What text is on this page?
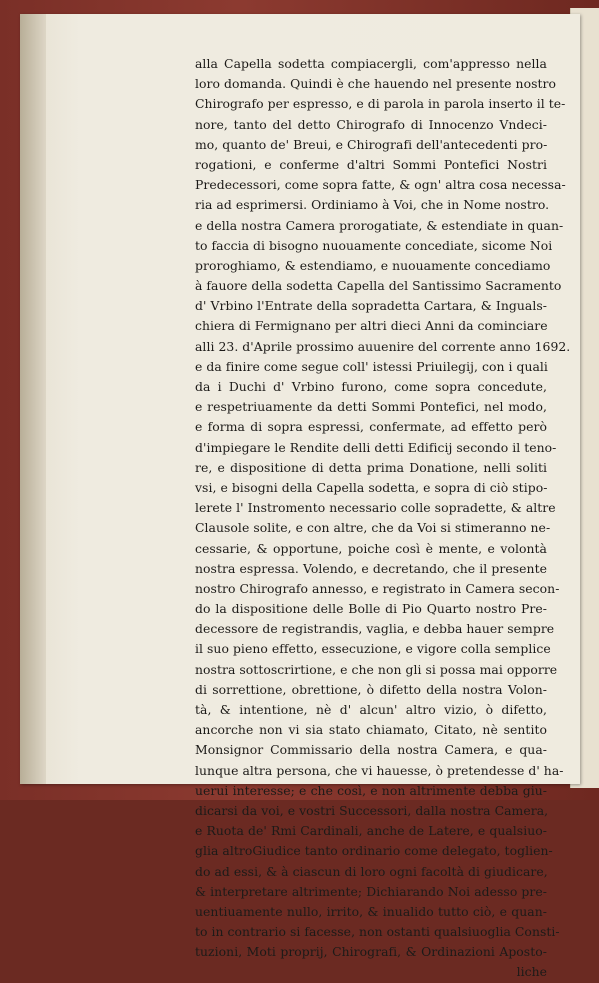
alla Capella sodetta compiacergli, com'appresso nella
loro domanda. Quindi è che hauendo nel presente nostro
Chirografo per espresso, e di parola in parola inserto il te-
nore, tanto del detto Chirografo di Innocenzo Vndeci-
mo, quanto de' Breui, e Chirografi dell'antecedenti pro-
rogationi, e conferme d'altri Sommi Pontefici Nostri
Predecessori, come sopra fatte, & ogn' altra cosa necessa-
ria ad esprimersi. Ordiniamo à Voi, che in Nome nostro.
e della nostra Camera prorogatiate, & estendiate in quan-
to faccia di bisogno nuouamente concediate, sicome Noi
proroghiamo, & estendiamo, e nuouamente concediamo
à fauore della sodetta Capella del Santissimo Sacramento
d' Vrbino l'Entrate della sopradetta Cartara, & Inguals-
chiera di Fermignano per altri dieci Anni da cominciare
alli 23. d'Aprile prossimo auuenire del corrente anno 1692.
e da finire come segue coll' istessi Priuilegij, con i quali
da i Duchi d' Vrbino furono, come sopra concedute,
e respetriuamente da detti Sommi Pontefici, nel modo,
e forma di sopra espressi, confermate, ad effetto però
d'impiegare le Rendite delli detti Edificij secondo il teno-
re, e dispositione di detta prima Donatione, nelli soliti
vsi, e bisogni della Capella sodetta, e sopra di ciò stipo-
lerete l' Instromento necessario colle sopradette, & altre
Clausole solite, e con altre, che da Voi si stimeranno ne-
cessarie, & opportune, poiche così è mente, e volontà
nostra espressa. Volendo, e decretando, che il presente
nostro Chirografo annesso, e registrato in Camera secon-
do la dispositione delle Bolle di Pio Quarto nostro Pre-
decessore de registrandis, vaglia, e debba hauer sempre
il suo pieno effetto, essecuzione, e vigore colla semplice
nostra sottoscrirtione, e che non gli si possa mai opporre
di sorrettione, obrettione, ò difetto della nostra Volon-
tà, & intentione, nè d' alcun' altro vizio, ò difetto,
ancorche non vi sia stato chiamato, Citato, nè sentito
Monsignor Commissario della nostra Camera, e qua-
lunque altra persona, che vi hauesse, ò pretendesse d' ha-
uerui interesse; e che così, e non altrimente debba giu-
dicarsi da voi, e vostri Successori, dalla nostra Camera,
e Ruota de' Rmi Cardinali, anche de Latere, e qualsiuo-
glia altroGiudice tanto ordinario come delegato, toglien-
do ad essi, & à ciascun di loro ogni facoltà di giudicare,
& interpretare altrimente; Dichiarando Noi adesso pre-
uentiuamente nullo, irrito, & inualido tutto ciò, e quan-
to in contrario si facesse, non ostanti qualsiuoglia Consti-
tuzioni, Moti proprij, Chirografi, & Ordinazioni Aposto-
liche
